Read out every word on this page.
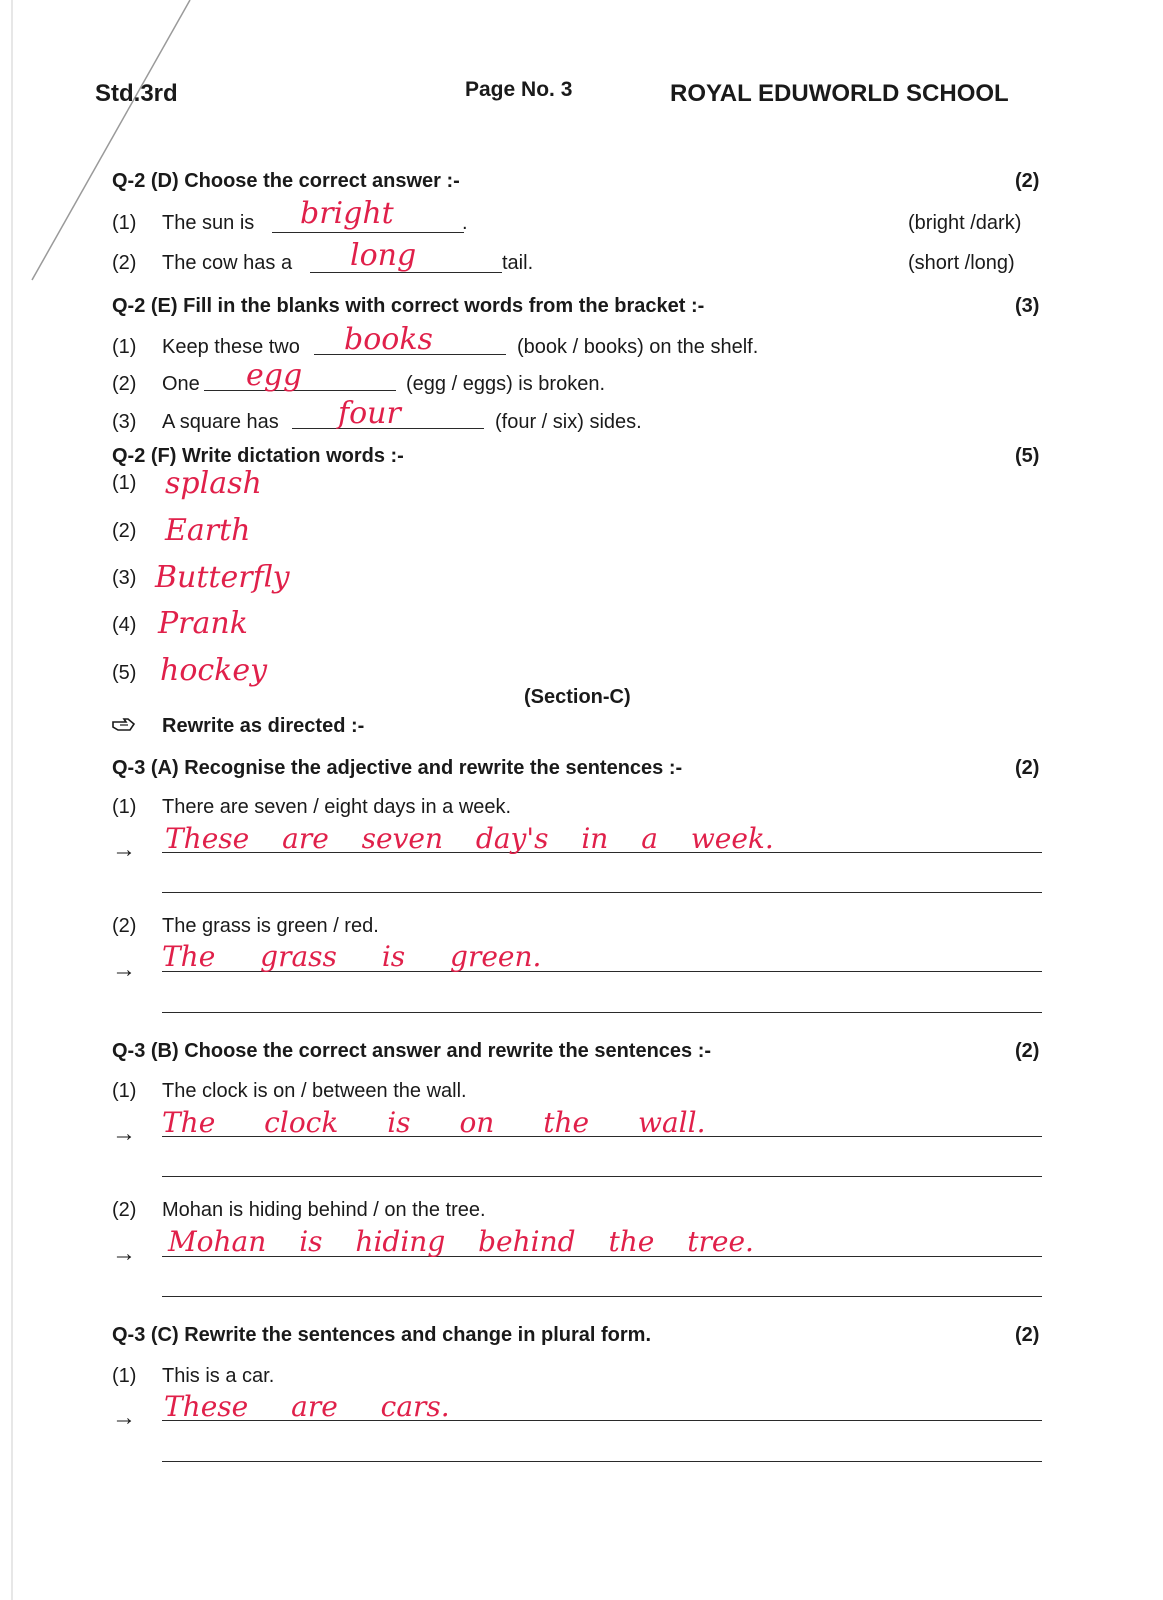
Std.3rd	Page No. 3	ROYAL EDUWORLD SCHOOL
Q-2 (D) Choose the correct answer :-	(2)
(1) The sun is bright	.	(bright /dark)
(2) The cow has a long	tail.	(short /long)
Q-2 (E) Fill in the blanks with correct words from the bracket :-	(3)
(1) Keep these two books	(book / books) on the shelf.
(2) One egg	(egg / eggs) is broken.
(3) A square has four	(four / six) sides.
Q-2 (F) Write dictation words :-	(5)
(1) splash
(2) Earth
(3) Butterfly
(4) Prank
(5) hockey
(Section-C)
Rewrite as directed :-
Q-3 (A) Recognise the adjective and rewrite the sentences :-	(2)
(1) There are seven / eight days in a week.
→ These are seven day's in a week.
(2) The grass is green / red.
→ The grass is green.
Q-3 (B) Choose the correct answer and rewrite the sentences :-	(2)
(1) The clock is on / between the wall.
→ The clock is on the wall.
(2) Mohan is hiding behind / on the tree.
→ Mohan is hiding behind the tree.
Q-3 (C) Rewrite the sentences and change in plural form.	(2)
(1) This is a car.
→ These are cars.
